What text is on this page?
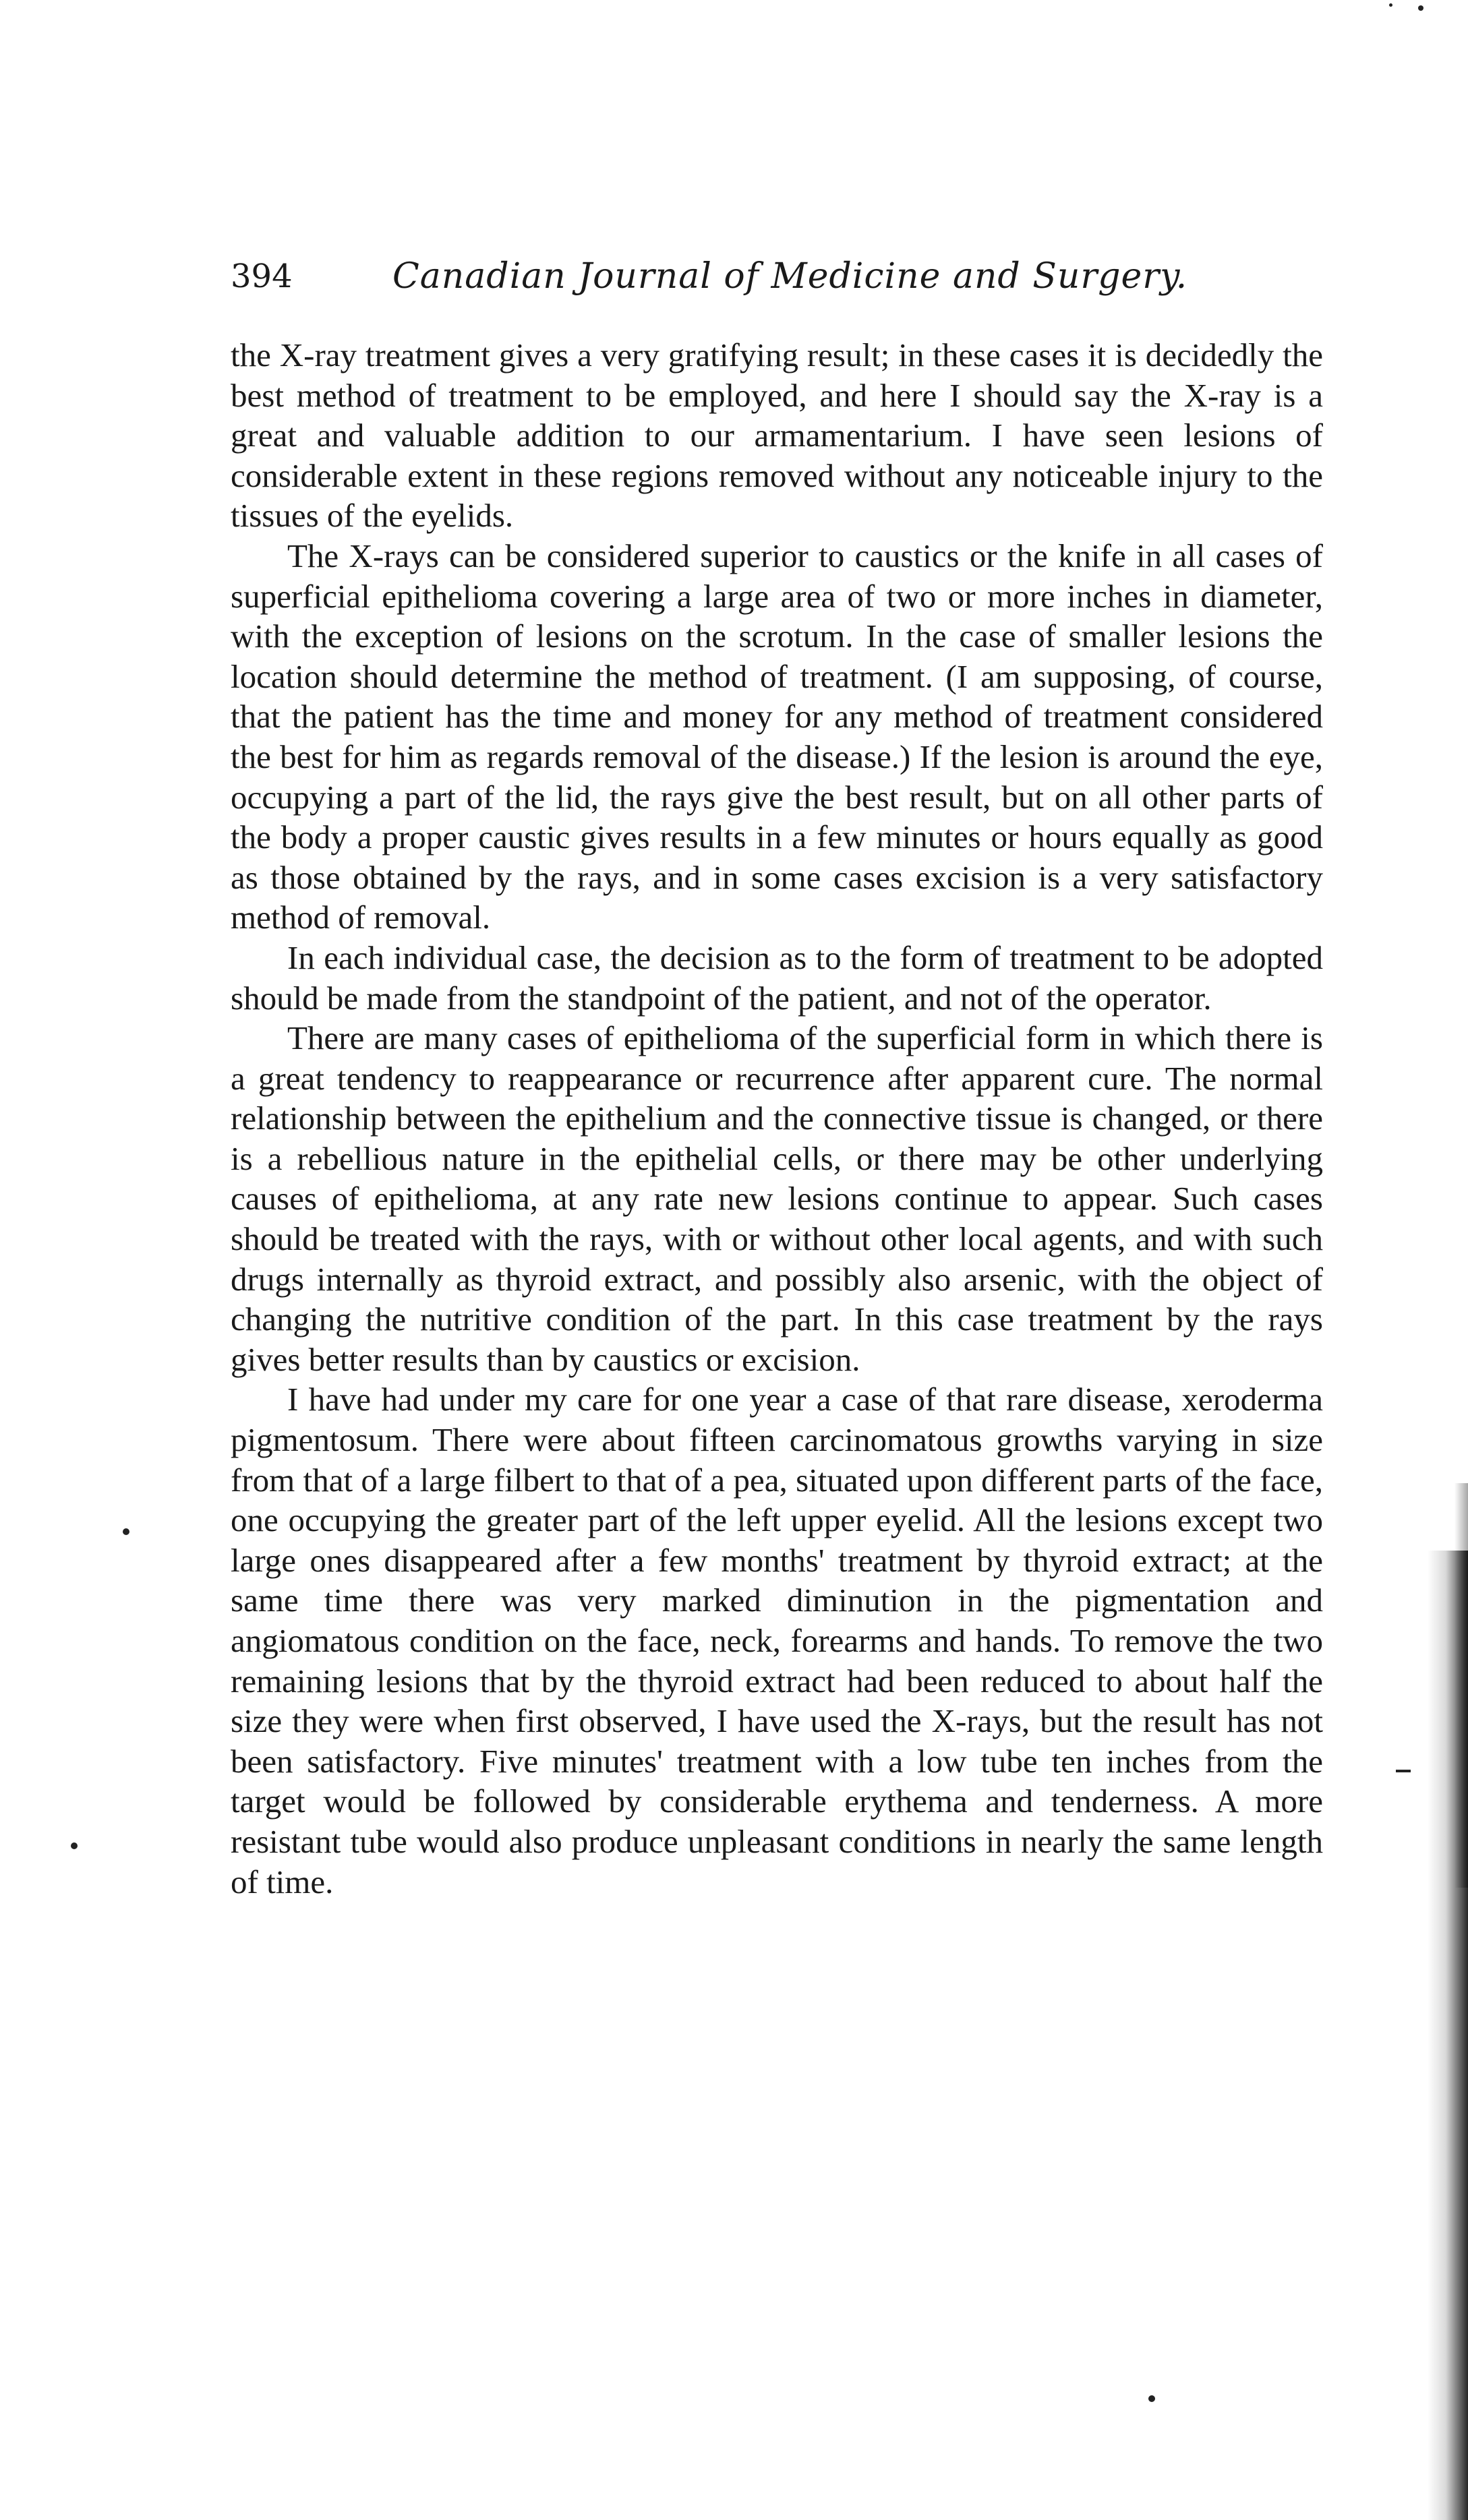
394	Canadian Journal of Medicine and Surgery.

the X-ray treatment gives a very gratifying result; in these cases it is decidedly the best method of treatment to be employed, and here I should say the X-ray is a great and valuable addition to our armamentarium. I have seen lesions of considerable extent in these regions removed without any noticeable injury to the tissues of the eyelids.

The X-rays can be considered superior to caustics or the knife in all cases of superficial epithelioma covering a large area of two or more inches in diameter, with the exception of lesions on the scrotum. In the case of smaller lesions the location should determine the method of treatment. (I am supposing, of course, that the patient has the time and money for any method of treatment considered the best for him as regards removal of the disease.) If the lesion is around the eye, occupying a part of the lid, the rays give the best result, but on all other parts of the body a proper caustic gives results in a few minutes or hours equally as good as those obtained by the rays, and in some cases excision is a very satisfactory method of removal.

In each individual case, the decision as to the form of treatment to be adopted should be made from the standpoint of the patient, and not of the operator.

There are many cases of epithelioma of the superficial form in which there is a great tendency to reappearance or recurrence after apparent cure. The normal relationship between the epithelium and the connective tissue is changed, or there is a rebellious nature in the epithelial cells, or there may be other underlying causes of epithelioma, at any rate new lesions continue to appear. Such cases should be treated with the rays, with or without other local agents, and with such drugs internally as thyroid extract, and possibly also arsenic, with the object of changing the nutritive condition of the part. In this case treatment by the rays gives better results than by caustics or excision.

I have had under my care for one year a case of that rare disease, xeroderma pigmentosum. There were about fifteen carcinomatous growths varying in size from that of a large filbert to that of a pea, situated upon different parts of the face, one occupying the greater part of the left upper eyelid. All the lesions except two large ones disappeared after a few months' treatment by thyroid extract; at the same time there was very marked diminution in the pigmentation and angiomatous condition on the face, neck, forearms and hands. To remove the two remaining lesions that by the thyroid extract had been reduced to about half the size they were when first observed, I have used the X-rays, but the result has not been satisfactory. Five minutes' treatment with a low tube ten inches from the target would be followed by considerable erythema and tenderness. A more resistant tube would also produce unpleasant conditions in nearly the same length of time.
